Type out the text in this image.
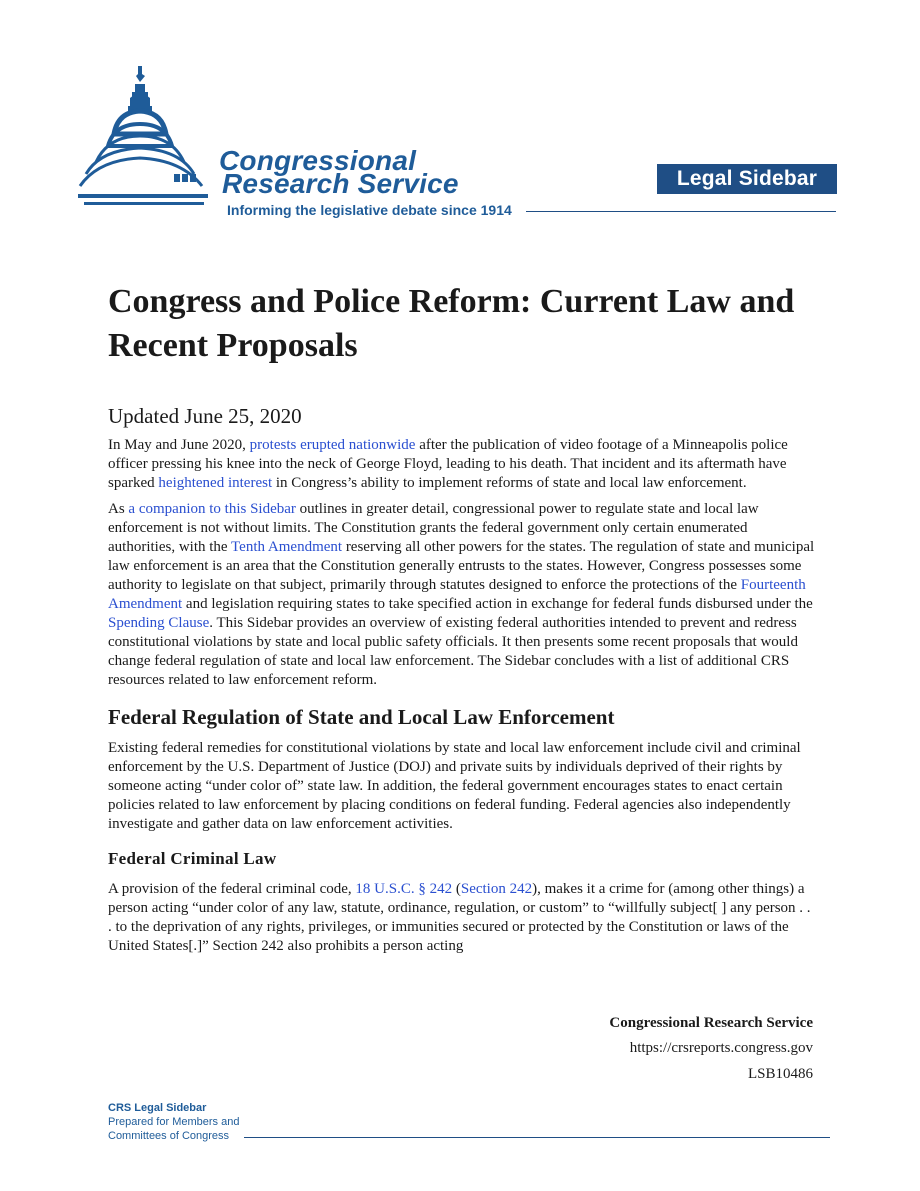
Congressional
Research Service
Informing the legislative debate since 1914
Legal Sidebar
Congress and Police Reform: Current Law and Recent Proposals
Updated June 25, 2020

In May and June 2020, protests erupted nationwide after the publication of video footage of a Minneapolis police officer pressing his knee into the neck of George Floyd, leading to his death. That incident and its aftermath have sparked heightened interest in Congress’s ability to implement reforms of state and local law enforcement.

As a companion to this Sidebar outlines in greater detail, congressional power to regulate state and local law enforcement is not without limits. The Constitution grants the federal government only certain enumerated authorities, with the Tenth Amendment reserving all other powers for the states. The regulation of state and municipal law enforcement is an area that the Constitution generally entrusts to the states. However, Congress possesses some authority to legislate on that subject, primarily through statutes designed to enforce the protections of the Fourteenth Amendment and legislation requiring states to take specified action in exchange for federal funds disbursed under the Spending Clause. This Sidebar provides an overview of existing federal authorities intended to prevent and redress constitutional violations by state and local public safety officials. It then presents some recent proposals that would change federal regulation of state and local law enforcement. The Sidebar concludes with a list of additional CRS resources related to law enforcement reform.

Federal Regulation of State and Local Law Enforcement

Existing federal remedies for constitutional violations by state and local law enforcement include civil and criminal enforcement by the U.S. Department of Justice (DOJ) and private suits by individuals deprived of their rights by someone acting “under color of” state law. In addition, the federal government encourages states to enact certain policies related to law enforcement by placing conditions on federal funding. Federal agencies also independently investigate and gather data on law enforcement activities.

Federal Criminal Law

A provision of the federal criminal code, 18 U.S.C. § 242 (Section 242), makes it a crime for (among other things) a person acting “under color of any law, statute, ordinance, regulation, or custom” to “willfully subject[ ] any person . . . to the deprivation of any rights, privileges, or immunities secured or protected by the Constitution or laws of the United States[.]” Section 242 also prohibits a person acting

Congressional Research Service
https://crsreports.congress.gov
LSB10486
CRS Legal Sidebar
Prepared for Members and
Committees of Congress
